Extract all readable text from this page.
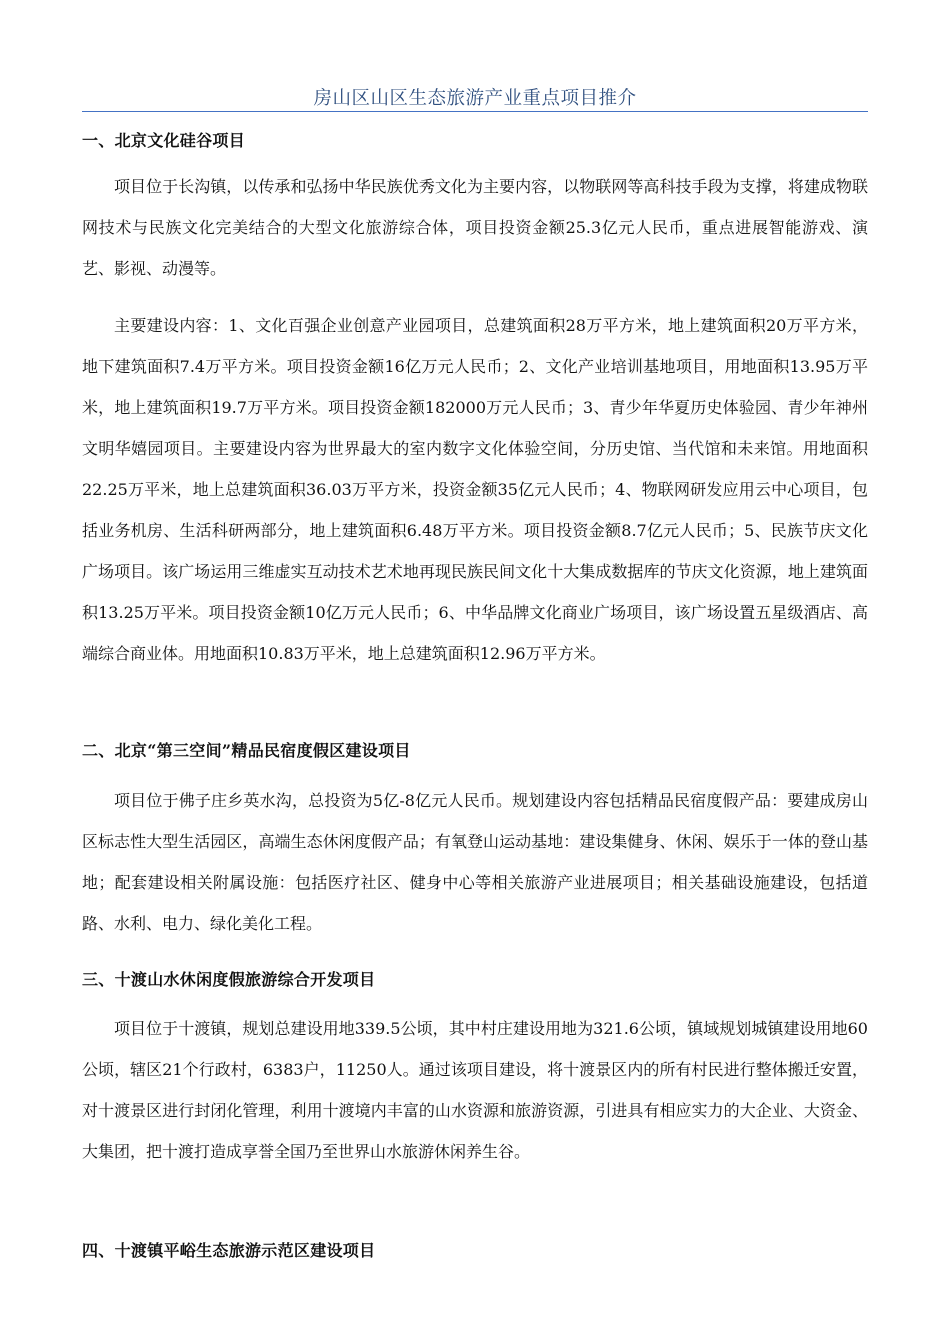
房山区山区生态旅游产业重点项目推介
一、北京文化硅谷项目
项目位于长沟镇，以传承和弘扬中华民族优秀文化为主要内容，以物联网等高科技手段为支撑，将建成物联网技术与民族文化完美结合的大型文化旅游综合体，项目投资金额25.3亿元人民币，重点进展智能游戏、演艺、影视、动漫等。
主要建设内容：1、文化百强企业创意产业园项目，总建筑面积28万平方米，地上建筑面积20万平方米，地下建筑面积7.4万平方米。项目投资金额16亿万元人民币；2、文化产业培训基地项目，用地面积13.95万平米，地上建筑面积19.7万平方米。项目投资金额182000万元人民币；3、青少年华夏历史体验园、青少年神州文明华嬉园项目。主要建设内容为世界最大的室内数字文化体验空间，分历史馆、当代馆和未来馆。用地面积22.25万平米，地上总建筑面积36.03万平方米，投资金额35亿元人民币；4、物联网研发应用云中心项目，包括业务机房、生活科研两部分，地上建筑面积6.48万平方米。项目投资金额8.7亿元人民币；5、民族节庆文化广场项目。该广场运用三维虚实互动技术艺术地再现民族民间文化十大集成数据库的节庆文化资源，地上建筑面积13.25万平米。项目投资金额10亿万元人民币；6、中华品牌文化商业广场项目，该广场设置五星级酒店、高端综合商业体。用地面积10.83万平米，地上总建筑面积12.96万平方米。
二、北京“第三空间”精品民宿度假区建设项目
项目位于佛子庄乡英水沟，总投资为5亿-8亿元人民币。规划建设内容包括精品民宿度假产品：要建成房山区标志性大型生活园区，高端生态休闲度假产品；有氧登山运动基地：建设集健身、休闲、娱乐于一体的登山基地；配套建设相关附属设施：包括医疗社区、健身中心等相关旅游产业进展项目；相关基础设施建设，包括道路、水利、电力、绿化美化工程。
三、十渡山水休闲度假旅游综合开发项目
项目位于十渡镇，规划总建设用地339.5公顷，其中村庄建设用地为321.6公顷，镇域规划城镇建设用地60公顷，辖区21个行政村，6383户，11250人。通过该项目建设，将十渡景区内的所有村民进行整体搬迁安置，对十渡景区进行封闭化管理，利用十渡境内丰富的山水资源和旅游资源，引进具有相应实力的大企业、大资金、大集团，把十渡打造成享誉全国乃至世界山水旅游休闲养生谷。
四、十渡镇平峪生态旅游示范区建设项目
